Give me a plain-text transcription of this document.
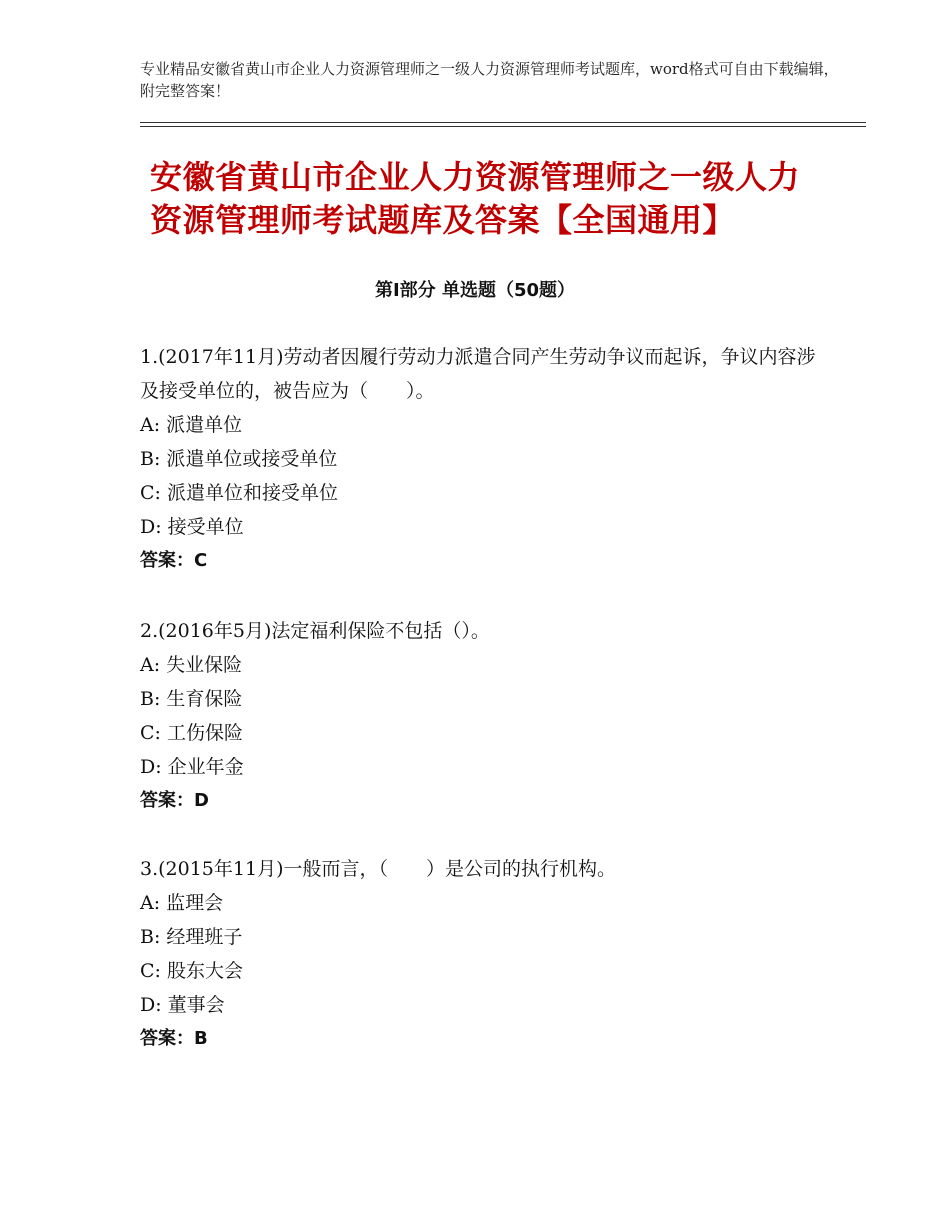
专业精品安徽省黄山市企业人力资源管理师之一级人力资源管理师考试题库，word格式可自由下载编辑，附完整答案！
安徽省黄山市企业人力资源管理师之一级人力资源管理师考试题库及答案【全国通用】
第Ⅰ部分 单选题（50题）

1.(2017年11月)劳动者因履行劳动力派遣合同产生劳动争议而起诉，争议内容涉及接受单位的，被告应为（　　）。

A: 派遣单位

B: 派遣单位或接受单位

C: 派遣单位和接受单位

D: 接受单位

答案：C

2.(2016年5月)法定福利保险不包括（）。

A: 失业保险

B: 生育保险

C: 工伤保险

D: 企业年金

答案：D

3.(2015年11月)一般而言，（　　）是公司的执行机构。

A: 监理会

B: 经理班子

C: 股东大会

D: 董事会

答案：B
